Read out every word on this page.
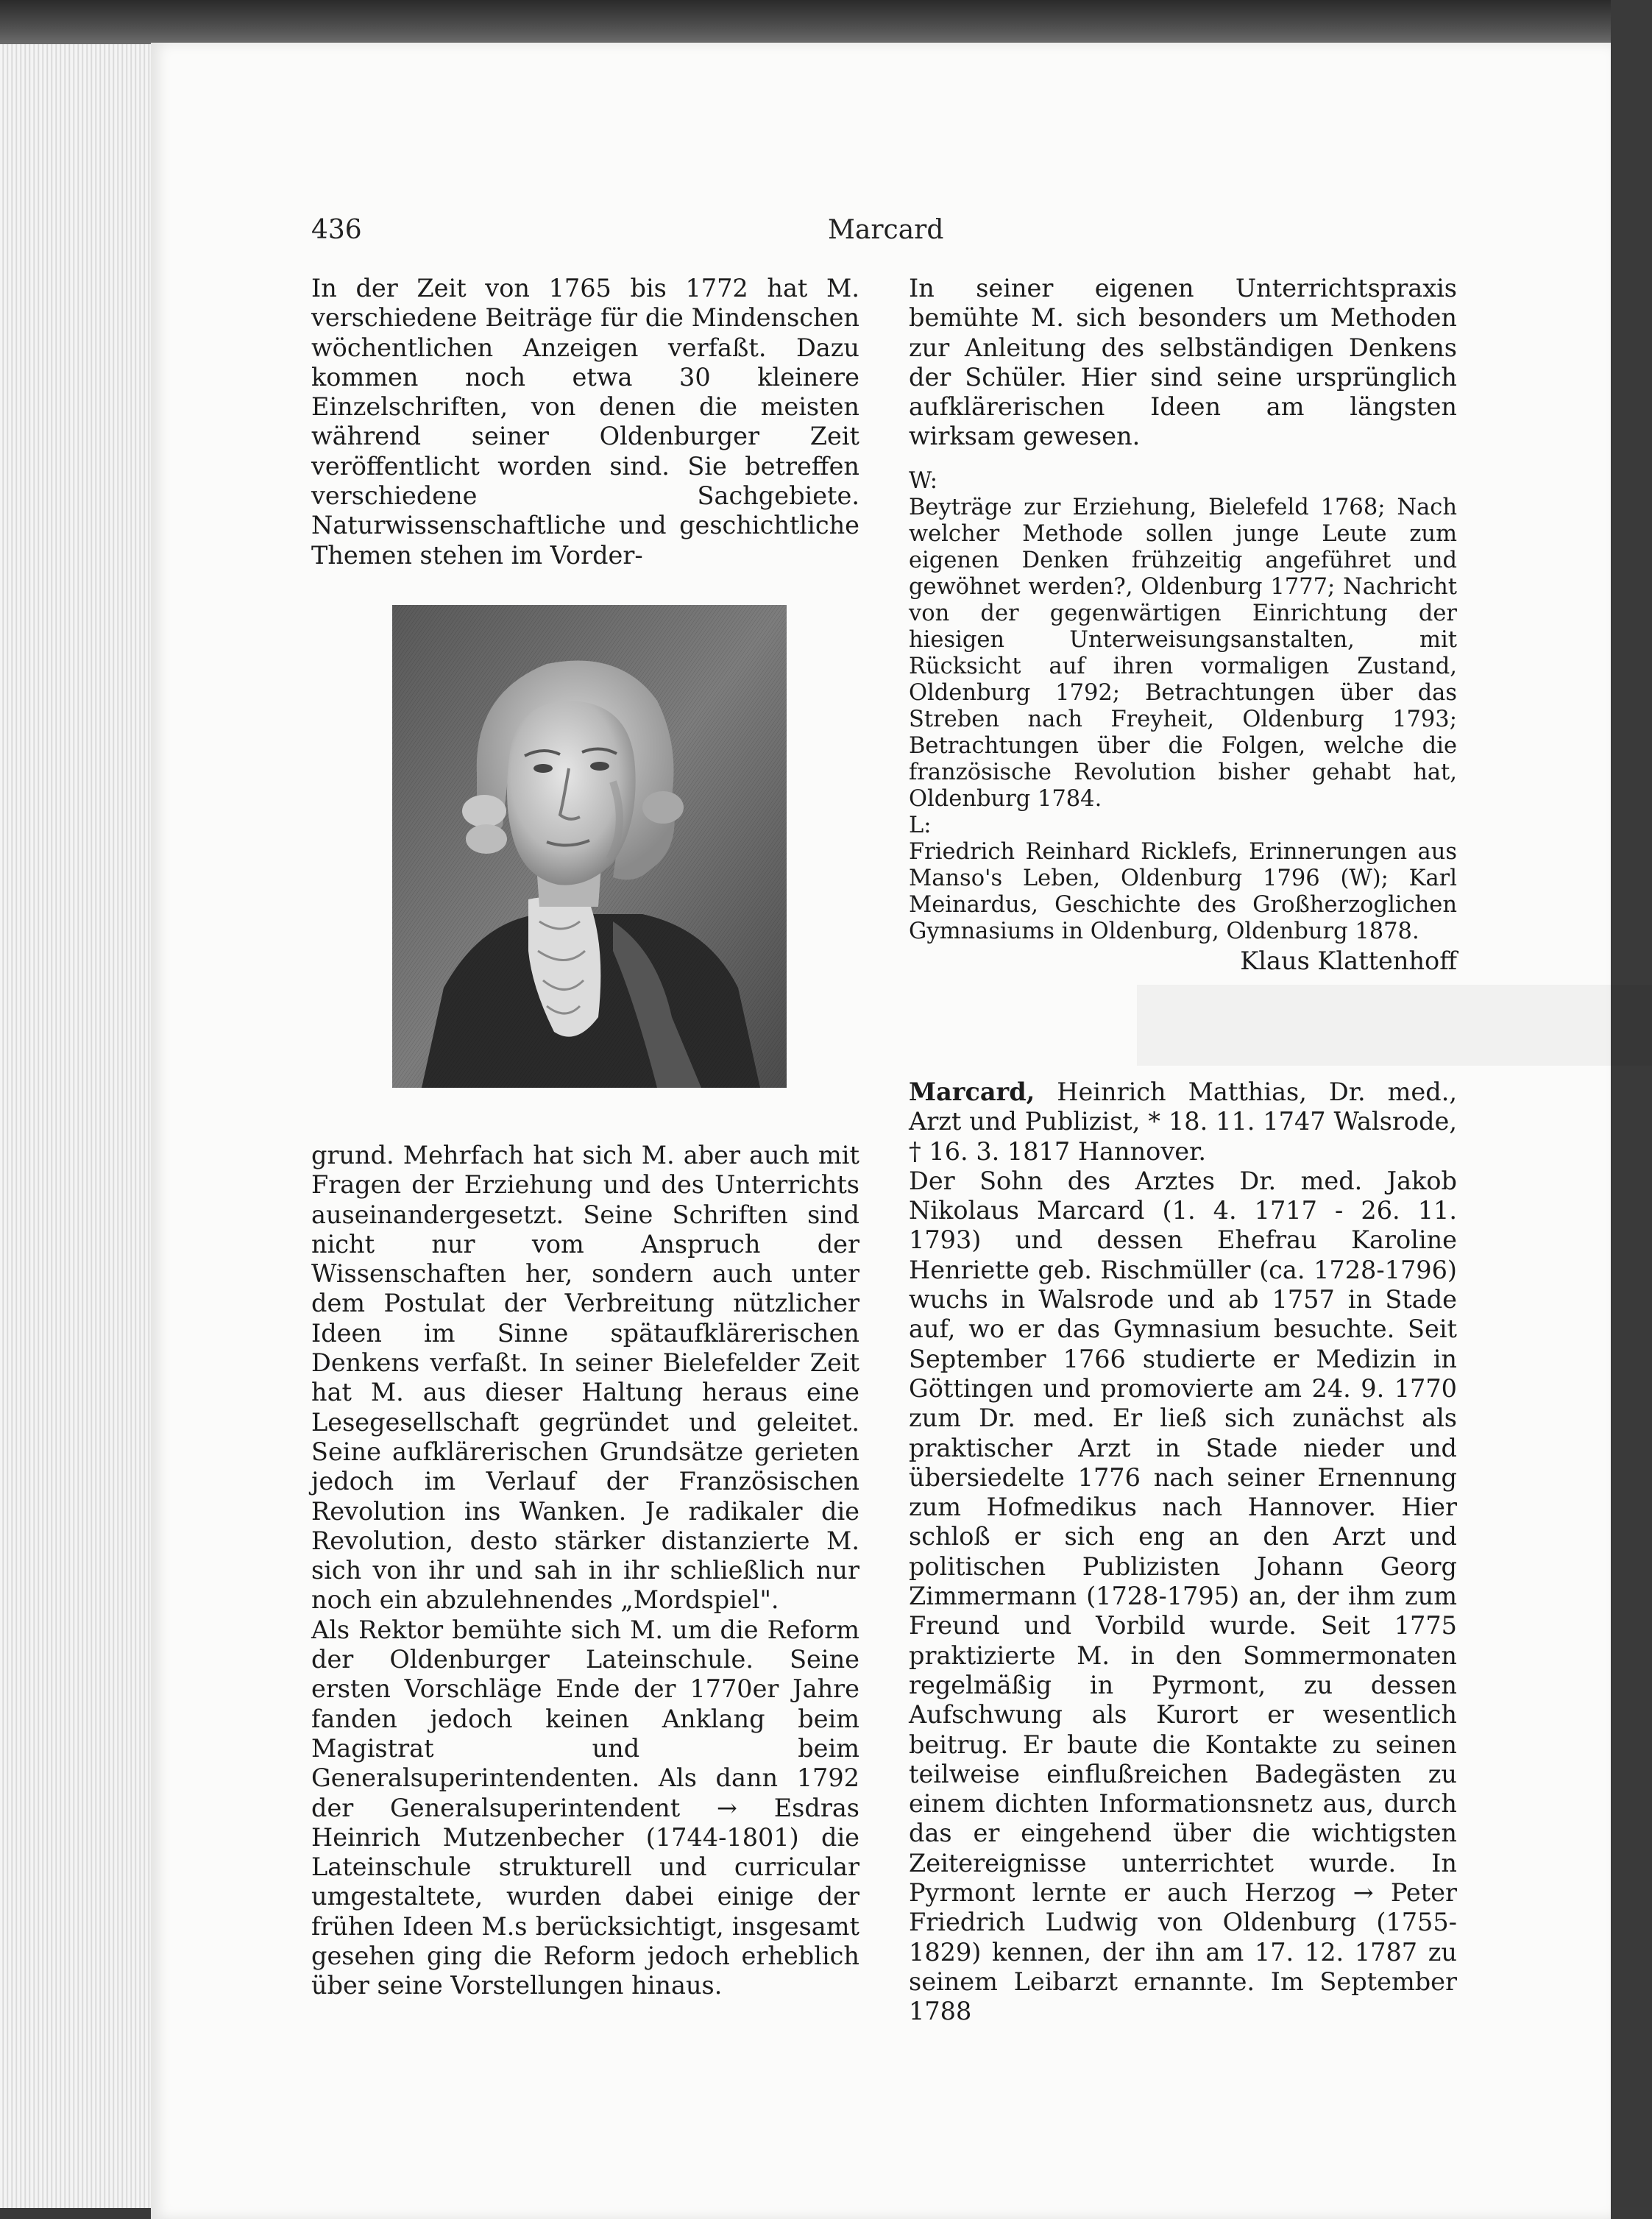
436	Marcard

In der Zeit von 1765 bis 1772 hat M. verschiedene Beiträge für die Mindenschen wöchentlichen Anzeigen verfaßt. Dazu kommen noch etwa 30 kleinere Einzelschriften, von denen die meisten während seiner Oldenburger Zeit veröffentlicht worden sind. Sie betreffen verschiedene Sachgebiete. Naturwissenschaftliche und geschichtliche Themen stehen im Vorder-

grund. Mehrfach hat sich M. aber auch mit Fragen der Erziehung und des Unterrichts auseinandergesetzt. Seine Schriften sind nicht nur vom Anspruch der Wissenschaften her, sondern auch unter dem Postulat der Verbreitung nützlicher Ideen im Sinne spätaufklärerischen Denkens verfaßt. In seiner Bielefelder Zeit hat M. aus dieser Haltung heraus eine Lesegesellschaft gegründet und geleitet. Seine aufklärerischen Grundsätze gerieten jedoch im Verlauf der Französischen Revolution ins Wanken. Je radikaler die Revolution, desto stärker distanzierte M. sich von ihr und sah in ihr schließlich nur noch ein abzulehnendes „Mordspiel".

Als Rektor bemühte sich M. um die Reform der Oldenburger Lateinschule. Seine ersten Vorschläge Ende der 1770er Jahre fanden jedoch keinen Anklang beim Magistrat und beim Generalsuperintendenten. Als dann 1792 der Generalsuperintendent → Esdras Heinrich Mutzenbecher (1744-1801) die Lateinschule strukturell und curricular umgestaltete, wurden dabei einige der frühen Ideen M.s berücksichtigt, insgesamt gesehen ging die Reform jedoch erheblich über seine Vorstellungen hinaus.

In seiner eigenen Unterrichtspraxis bemühte M. sich besonders um Methoden zur Anleitung des selbständigen Denkens der Schüler. Hier sind seine ursprünglich aufklärerischen Ideen am längsten wirksam gewesen.

W:

Beyträge zur Erziehung, Bielefeld 1768; Nach welcher Methode sollen junge Leute zum eigenen Denken frühzeitig angeführet und gewöhnet werden?, Oldenburg 1777; Nachricht von der gegenwärtigen Einrichtung der hiesigen Unterweisungsanstalten, mit Rücksicht auf ihren vormaligen Zustand, Oldenburg 1792; Betrachtungen über das Streben nach Freyheit, Oldenburg 1793; Betrachtungen über die Folgen, welche die französische Revolution bisher gehabt hat, Oldenburg 1784.

L:

Friedrich Reinhard Ricklefs, Erinnerungen aus Manso's Leben, Oldenburg 1796 (W); Karl Meinardus, Geschichte des Großherzoglichen Gymnasiums in Oldenburg, Oldenburg 1878.

Klaus Klattenhoff

Marcard, Heinrich Matthias, Dr. med., Arzt und Publizist, * 18. 11. 1747 Walsrode, † 16. 3. 1817 Hannover.

Der Sohn des Arztes Dr. med. Jakob Nikolaus Marcard (1. 4. 1717 - 26. 11. 1793) und dessen Ehefrau Karoline Henriette geb. Rischmüller (ca. 1728-1796) wuchs in Walsrode und ab 1757 in Stade auf, wo er das Gymnasium besuchte. Seit September 1766 studierte er Medizin in Göttingen und promovierte am 24. 9. 1770 zum Dr. med. Er ließ sich zunächst als praktischer Arzt in Stade nieder und übersiedelte 1776 nach seiner Ernennung zum Hofmedikus nach Hannover. Hier schloß er sich eng an den Arzt und politischen Publizisten Johann Georg Zimmermann (1728-1795) an, der ihm zum Freund und Vorbild wurde. Seit 1775 praktizierte M. in den Sommermonaten regelmäßig in Pyrmont, zu dessen Aufschwung als Kurort er wesentlich beitrug. Er baute die Kontakte zu seinen teilweise einflußreichen Badegästen zu einem dichten Informationsnetz aus, durch das er eingehend über die wichtigsten Zeitereignisse unterrichtet wurde. In Pyrmont lernte er auch Herzog → Peter Friedrich Ludwig von Oldenburg (1755-1829) kennen, der ihn am 17. 12. 1787 zu seinem Leibarzt ernannte. Im September 1788
